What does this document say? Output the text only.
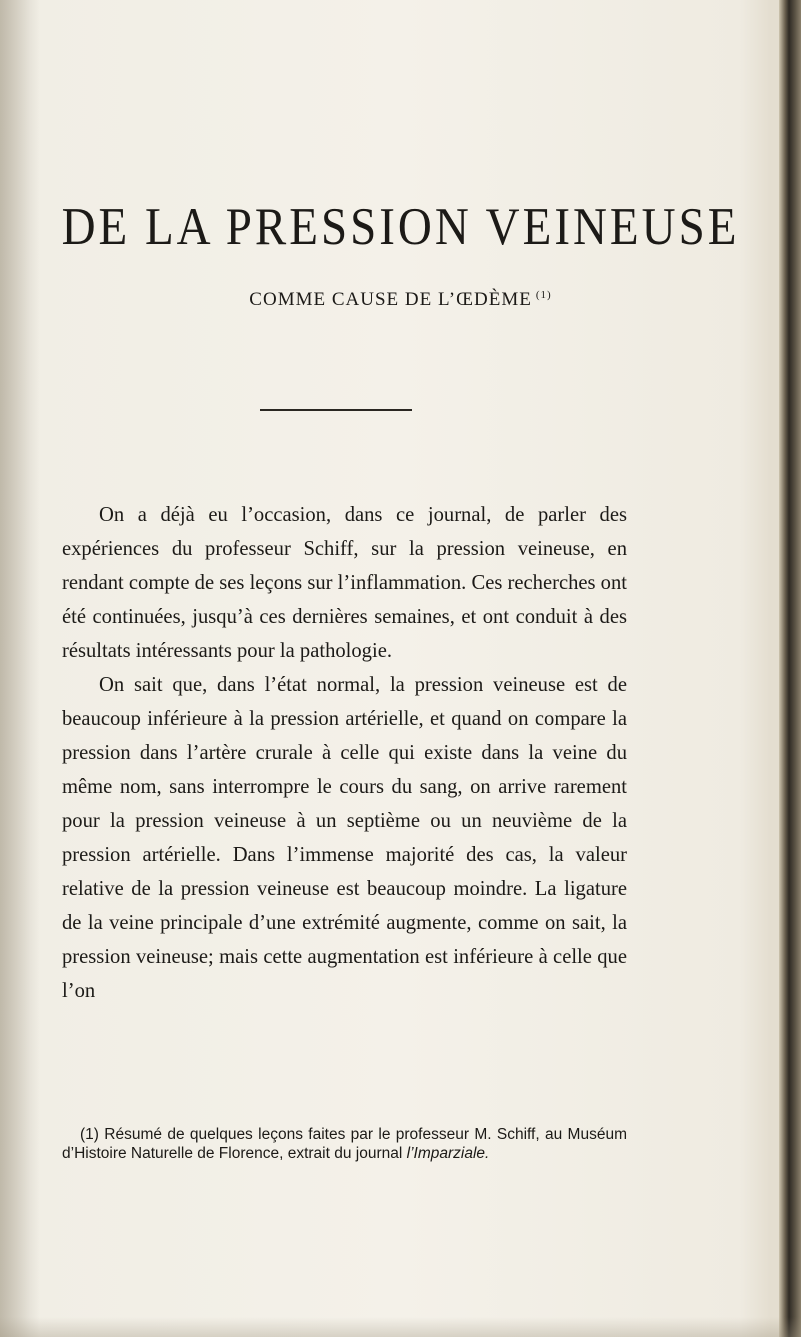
DE LA PRESSION VEINEUSE
COMME CAUSE DE L’ŒDÈME $^{(1)}$

On a déjà eu l’occasion, dans ce journal, de parler des expériences du professeur Schiff, sur la pression veineuse, en rendant compte de ses leçons sur l’inflammation. Ces recherches ont été continuées, jusqu’à ces dernières semaines, et ont conduit à des résultats intéressants pour la pathologie.

On sait que, dans l’état normal, la pression veineuse est de beaucoup inférieure à la pression artérielle, et quand on compare la pression dans l’artère crurale à celle qui existe dans la veine du même nom, sans interrompre le cours du sang, on arrive rarement pour la pression veineuse à un septième ou un neuvième de la pression artérielle. Dans l’immense majorité des cas, la valeur relative de la pression veineuse est beaucoup moindre. La ligature de la veine principale d’une extrémité augmente, comme on sait, la pression veineuse; mais cette augmentation est inférieure à celle que l’on

(1) Résumé de quelques leçons faites par le professeur M. Schiff, au Muséum d’Histoire Naturelle de Florence, extrait du journal l’Imparziale.
